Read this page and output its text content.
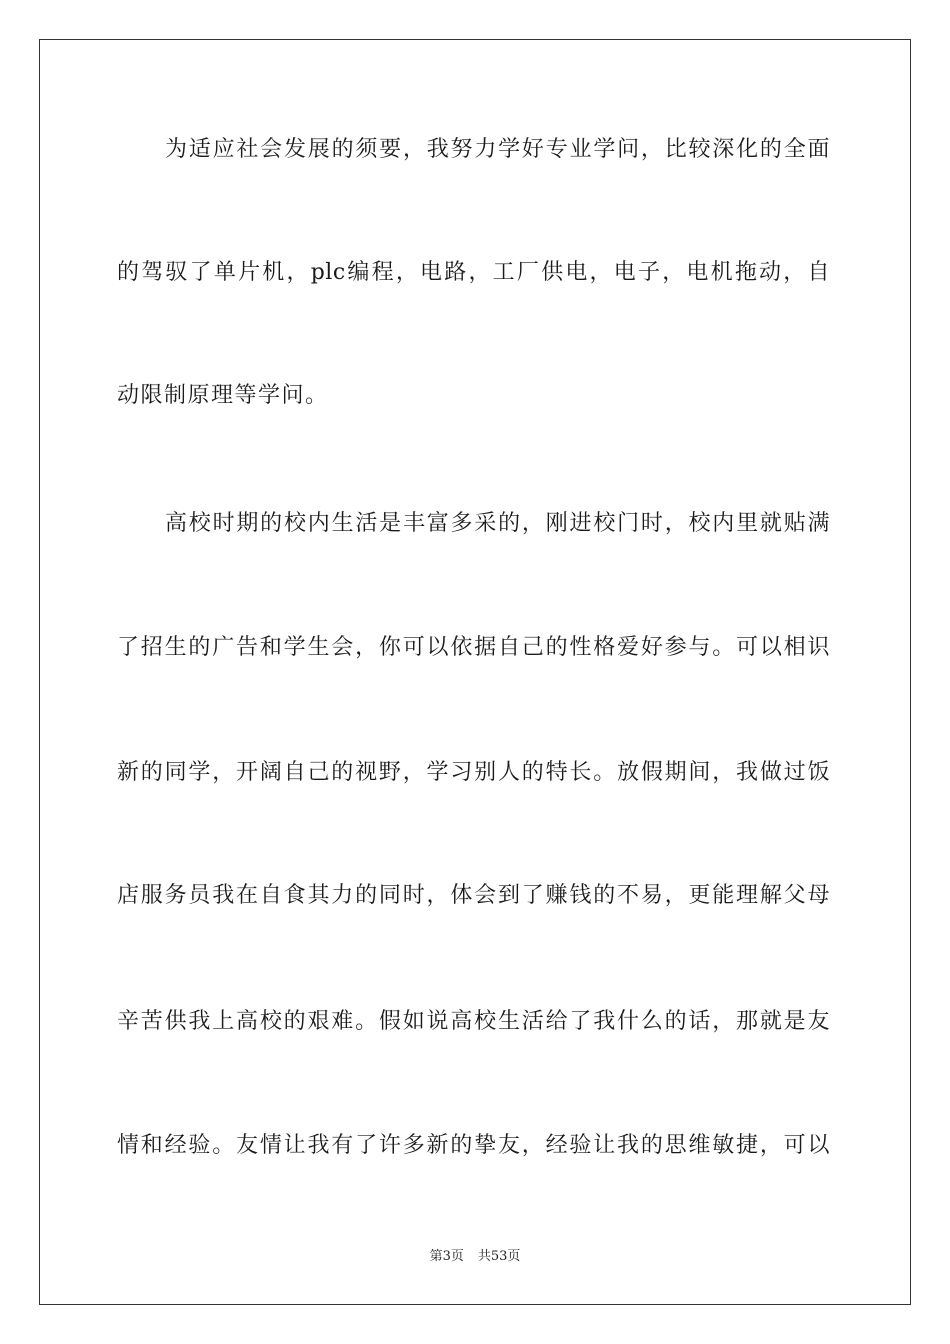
为适应社会发展的须要，我努力学好专业学问，比较深化的全面
的驾驭了单片机，plc编程，电路，工厂供电，电子，电机拖动，自
动限制原理等学问。
高校时期的校内生活是丰富多采的，刚进校门时，校内里就贴满
了招生的广告和学生会，你可以依据自己的性格爱好参与。可以相识
新的同学，开阔自己的视野，学习别人的特长。放假期间，我做过饭
店服务员我在自食其力的同时，体会到了赚钱的不易，更能理解父母
辛苦供我上高校的艰难。假如说高校生活给了我什么的话，那就是友
情和经验。友情让我有了许多新的挚友，经验让我的思维敏捷，可以
第3页 共53页
